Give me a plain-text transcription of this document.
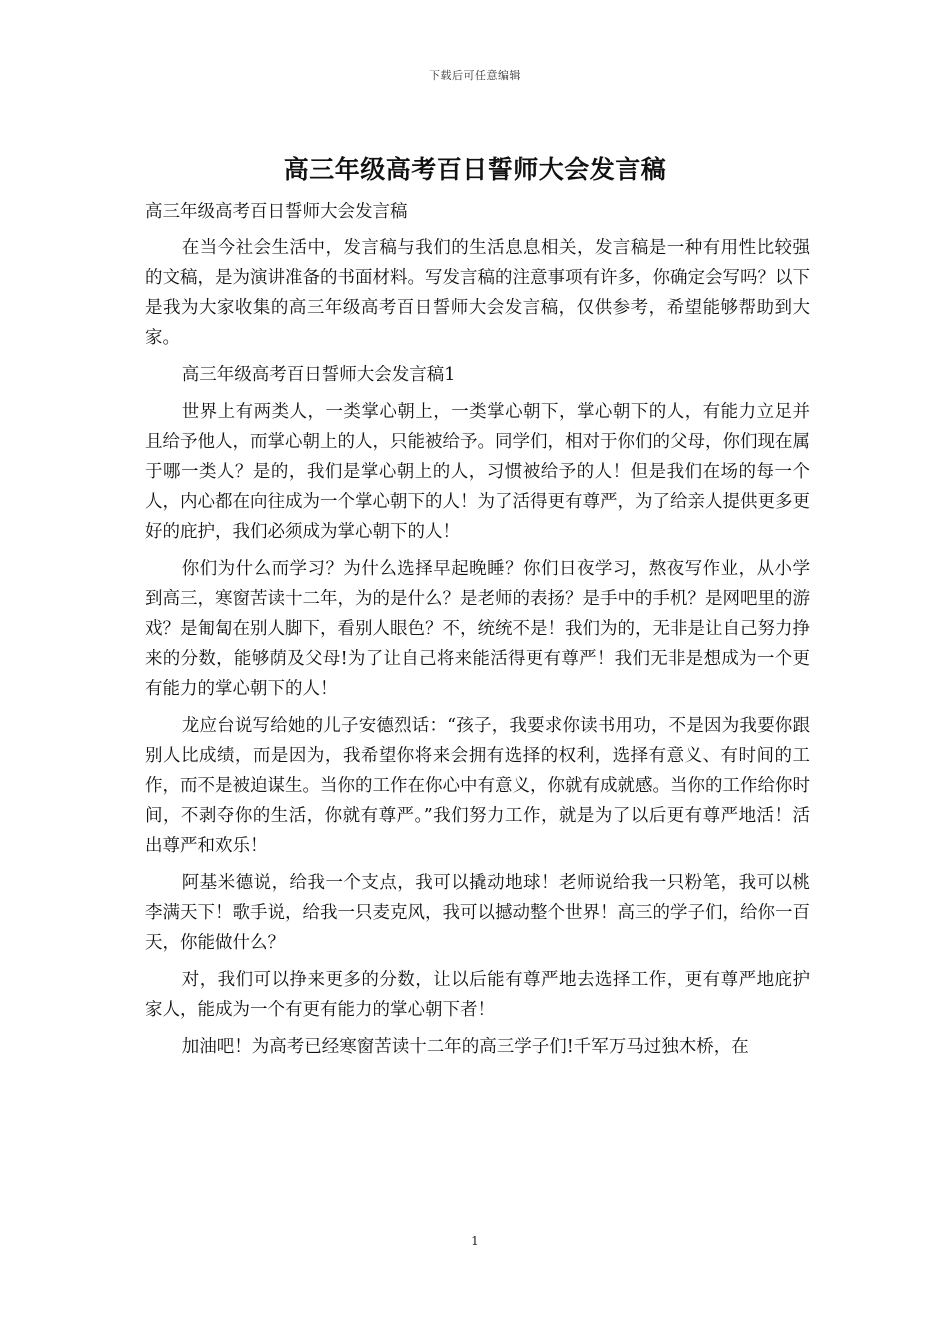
下载后可任意编辑
高三年级高考百日誓师大会发言稿

高三年级高考百日誓师大会发言稿

在当今社会生活中，发言稿与我们的生活息息相关，发言稿是一种有用性比较强的文稿，是为演讲准备的书面材料。写发言稿的注意事项有许多，你确定会写吗？以下是我为大家收集的高三年级高考百日誓师大会发言稿，仅供参考，希望能够帮助到大家。

高三年级高考百日誓师大会发言稿1

世界上有两类人，一类掌心朝上，一类掌心朝下，掌心朝下的人，有能力立足并且给予他人，而掌心朝上的人，只能被给予。同学们，相对于你们的父母，你们现在属于哪一类人？是的，我们是掌心朝上的人，习惯被给予的人！但是我们在场的每一个人，内心都在向往成为一个掌心朝下的人！为了活得更有尊严，为了给亲人提供更多更好的庇护，我们必须成为掌心朝下的人！

你们为什么而学习？为什么选择早起晚睡？你们日夜学习，熬夜写作业，从小学到高三，寒窗苦读十二年，为的是什么？是老师的表扬？是手中的手机？是网吧里的游戏？是匍匐在别人脚下，看别人眼色？不，统统不是！我们为的，无非是让自己努力挣来的分数，能够荫及父母!为了让自己将来能活得更有尊严！我们无非是想成为一个更有能力的掌心朝下的人！

龙应台说写给她的儿子安德烈话：“孩子，我要求你读书用功，不是因为我要你跟别人比成绩，而是因为，我希望你将来会拥有选择的权利，选择有意义、有时间的工作，而不是被迫谋生。当你的工作在你心中有意义，你就有成就感。当你的工作给你时间，不剥夺你的生活，你就有尊严。”我们努力工作，就是为了以后更有尊严地活！活出尊严和欢乐！

阿基米德说，给我一个支点，我可以撬动地球！老师说给我一只粉笔，我可以桃李满天下！歌手说，给我一只麦克风，我可以撼动整个世界！高三的学子们，给你一百天，你能做什么？

对，我们可以挣来更多的分数，让以后能有尊严地去选择工作，更有尊严地庇护家人，能成为一个有更有能力的掌心朝下者！

加油吧！为高考已经寒窗苦读十二年的高三学子们!千军万马过独木桥，在

1
